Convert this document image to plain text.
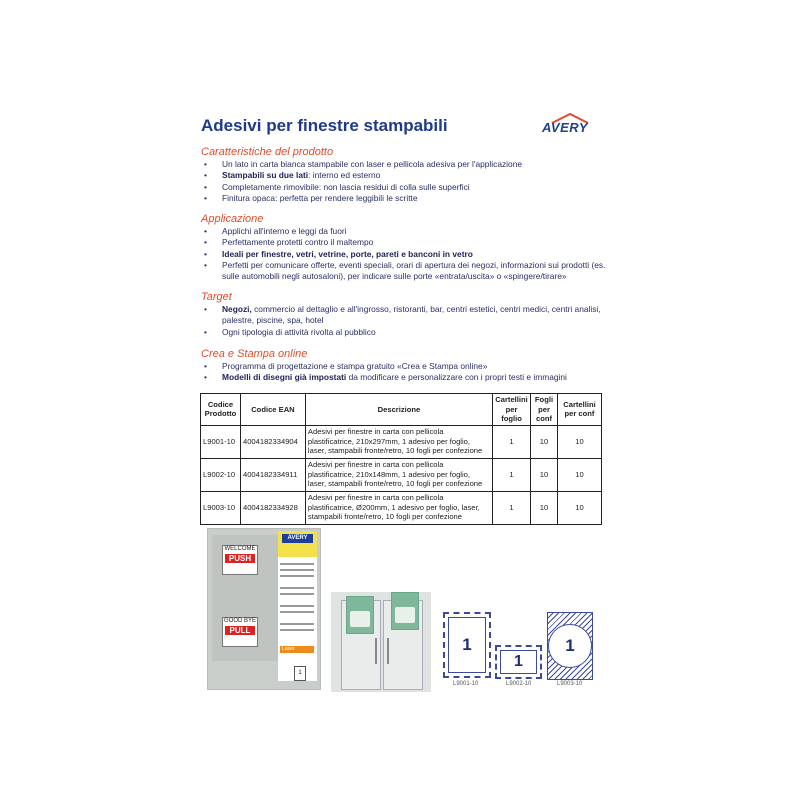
Adesivi per finestre stampabili	AVERY
Caratteristiche del prodotto
• Un lato in carta bianca stampabile con laser e pellicola adesiva per l'applicazione
• Stampabili su due lati: interno ed esterno
• Completamente rimovibile: non lascia residui di colla sulle superfici
• Finitura opaca: perfetta per rendere leggibili le scritte
Applicazione
• Applichi all'interno e leggi da fuori
• Perfettamente protetti contro il maltempo
• Ideali per finestre, vetri, vetrine, porte, pareti e banconi in vetro
• Perfetti per comunicare offerte, eventi speciali, orari di apertura dei negozi, informazioni sui prodotti (es. sulle automobili negli autosaloni), per indicare sulle porte «entrata/uscita» o «spingere/tirare»
Target
• Negozi, commercio al dettaglio e all'ingrosso, ristoranti, bar, centri estetici, centri medici, centri analisi, palestre, piscine, spa, hotel
• Ogni tipologia di attività rivolta al pubblico
Crea e Stampa online
• Programma di progettazione e stampa gratuito «Crea e Stampa online»
• Modelli di disegni già impostati da modificare e personalizzare con i propri testi e immagini
Codice Prodotto	Codice EAN	Descrizione	Cartellini per foglio	Fogli per conf	Cartellini per conf
L9001-10	4004182334904	Adesivi per finestre in carta con pellicola plastificatrice, 210x297mm, 1 adesivo per foglio, laser, stampabili fronte/retro, 10 fogli per confezione	1	10	10
L9002-10	4004182334911	Adesivi per finestre in carta con pellicola plastificatrice, 210x148mm, 1 adesivo per foglio, laser, stampabili fronte/retro, 10 fogli per confezione	1	10	10
L9003-10	4004182334928	Adesivi per finestre in carta con pellicola plastificatrice, Ø200mm, 1 adesivo per foglio, laser, stampabili fronte/retro, 10 fogli per confezione	1	10	10
WELCOME
PUSH
GOOD BYE
PULL
AVERY
Laser
1
1
L9001-10
1
L9002-10
1
L9003-10
